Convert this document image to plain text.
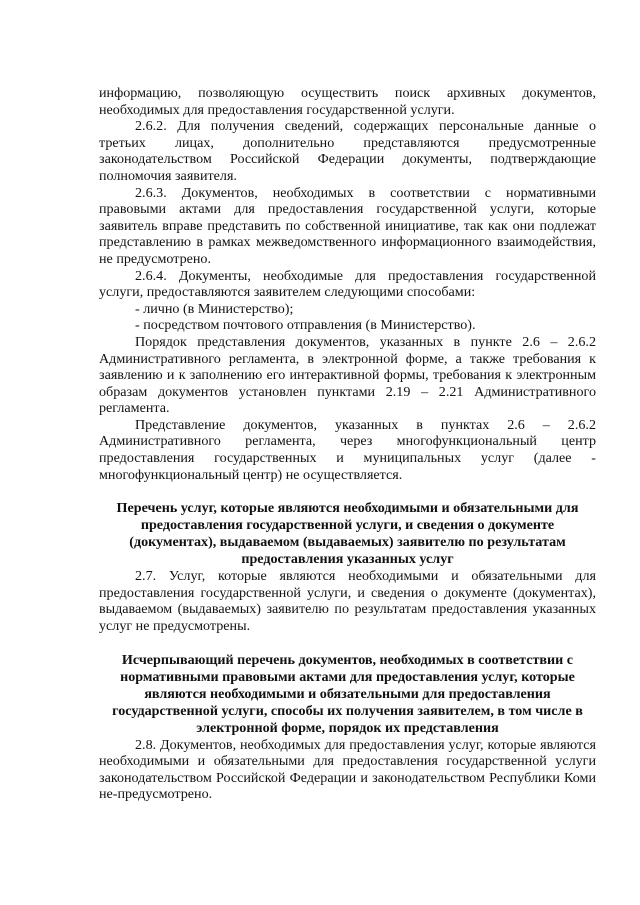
информацию, позволяющую осуществить поиск архивных документов, необходимых для предоставления государственной услуги.

2.6.2. Для получения сведений, содержащих персональные данные о третьих лицах, дополнительно представляются предусмотренные законодательством Российской Федерации документы, подтверждающие полномочия заявителя.

2.6.3. Документов, необходимых в соответствии с нормативными правовыми актами для предоставления государственной услуги, которые заявитель вправе представить по собственной инициативе, так как они подлежат представлению в рамках межведомственного информационного взаимодействия, не предусмотрено.

2.6.4. Документы, необходимые для предоставления государственной услуги, предоставляются заявителем следующими способами:

- лично (в Министерство);

- посредством почтового отправления (в Министерство).

Порядок представления документов, указанных в пункте 2.6 – 2.6.2 Административного регламента, в электронной форме, а также требования к заявлению и к заполнению его интерактивной формы, требования к электронным образам документов установлен пунктами 2.19 – 2.21 Административного регламента.

Представление документов, указанных в пунктах 2.6 – 2.6.2 Административного регламента, через многофункциональный центр предоставления государственных и муниципальных услуг (далее - многофункциональный центр) не осуществляется.

Перечень услуг, которые являются необходимыми и обязательными для предоставления государственной услуги, и сведения о документе (документах), выдаваемом (выдаваемых) заявителю по результатам предоставления указанных услуг

2.7. Услуг, которые являются необходимыми и обязательными для предоставления государственной услуги, и сведения о документе (документах), выдаваемом (выдаваемых) заявителю по результатам предоставления указанных услуг не предусмотрены.

Исчерпывающий перечень документов, необходимых в соответствии с нормативными правовыми актами для предоставления услуг, которые являются необходимыми и обязательными для предоставления государственной услуги, способы их получения заявителем, в том числе в электронной форме, порядок их представления

2.8. Документов, необходимых для предоставления услуг, которые являются необходимыми и обязательными для предоставления государственной услуги законодательством Российской Федерации и законодательством Республики Коми не-предусмотрено.
